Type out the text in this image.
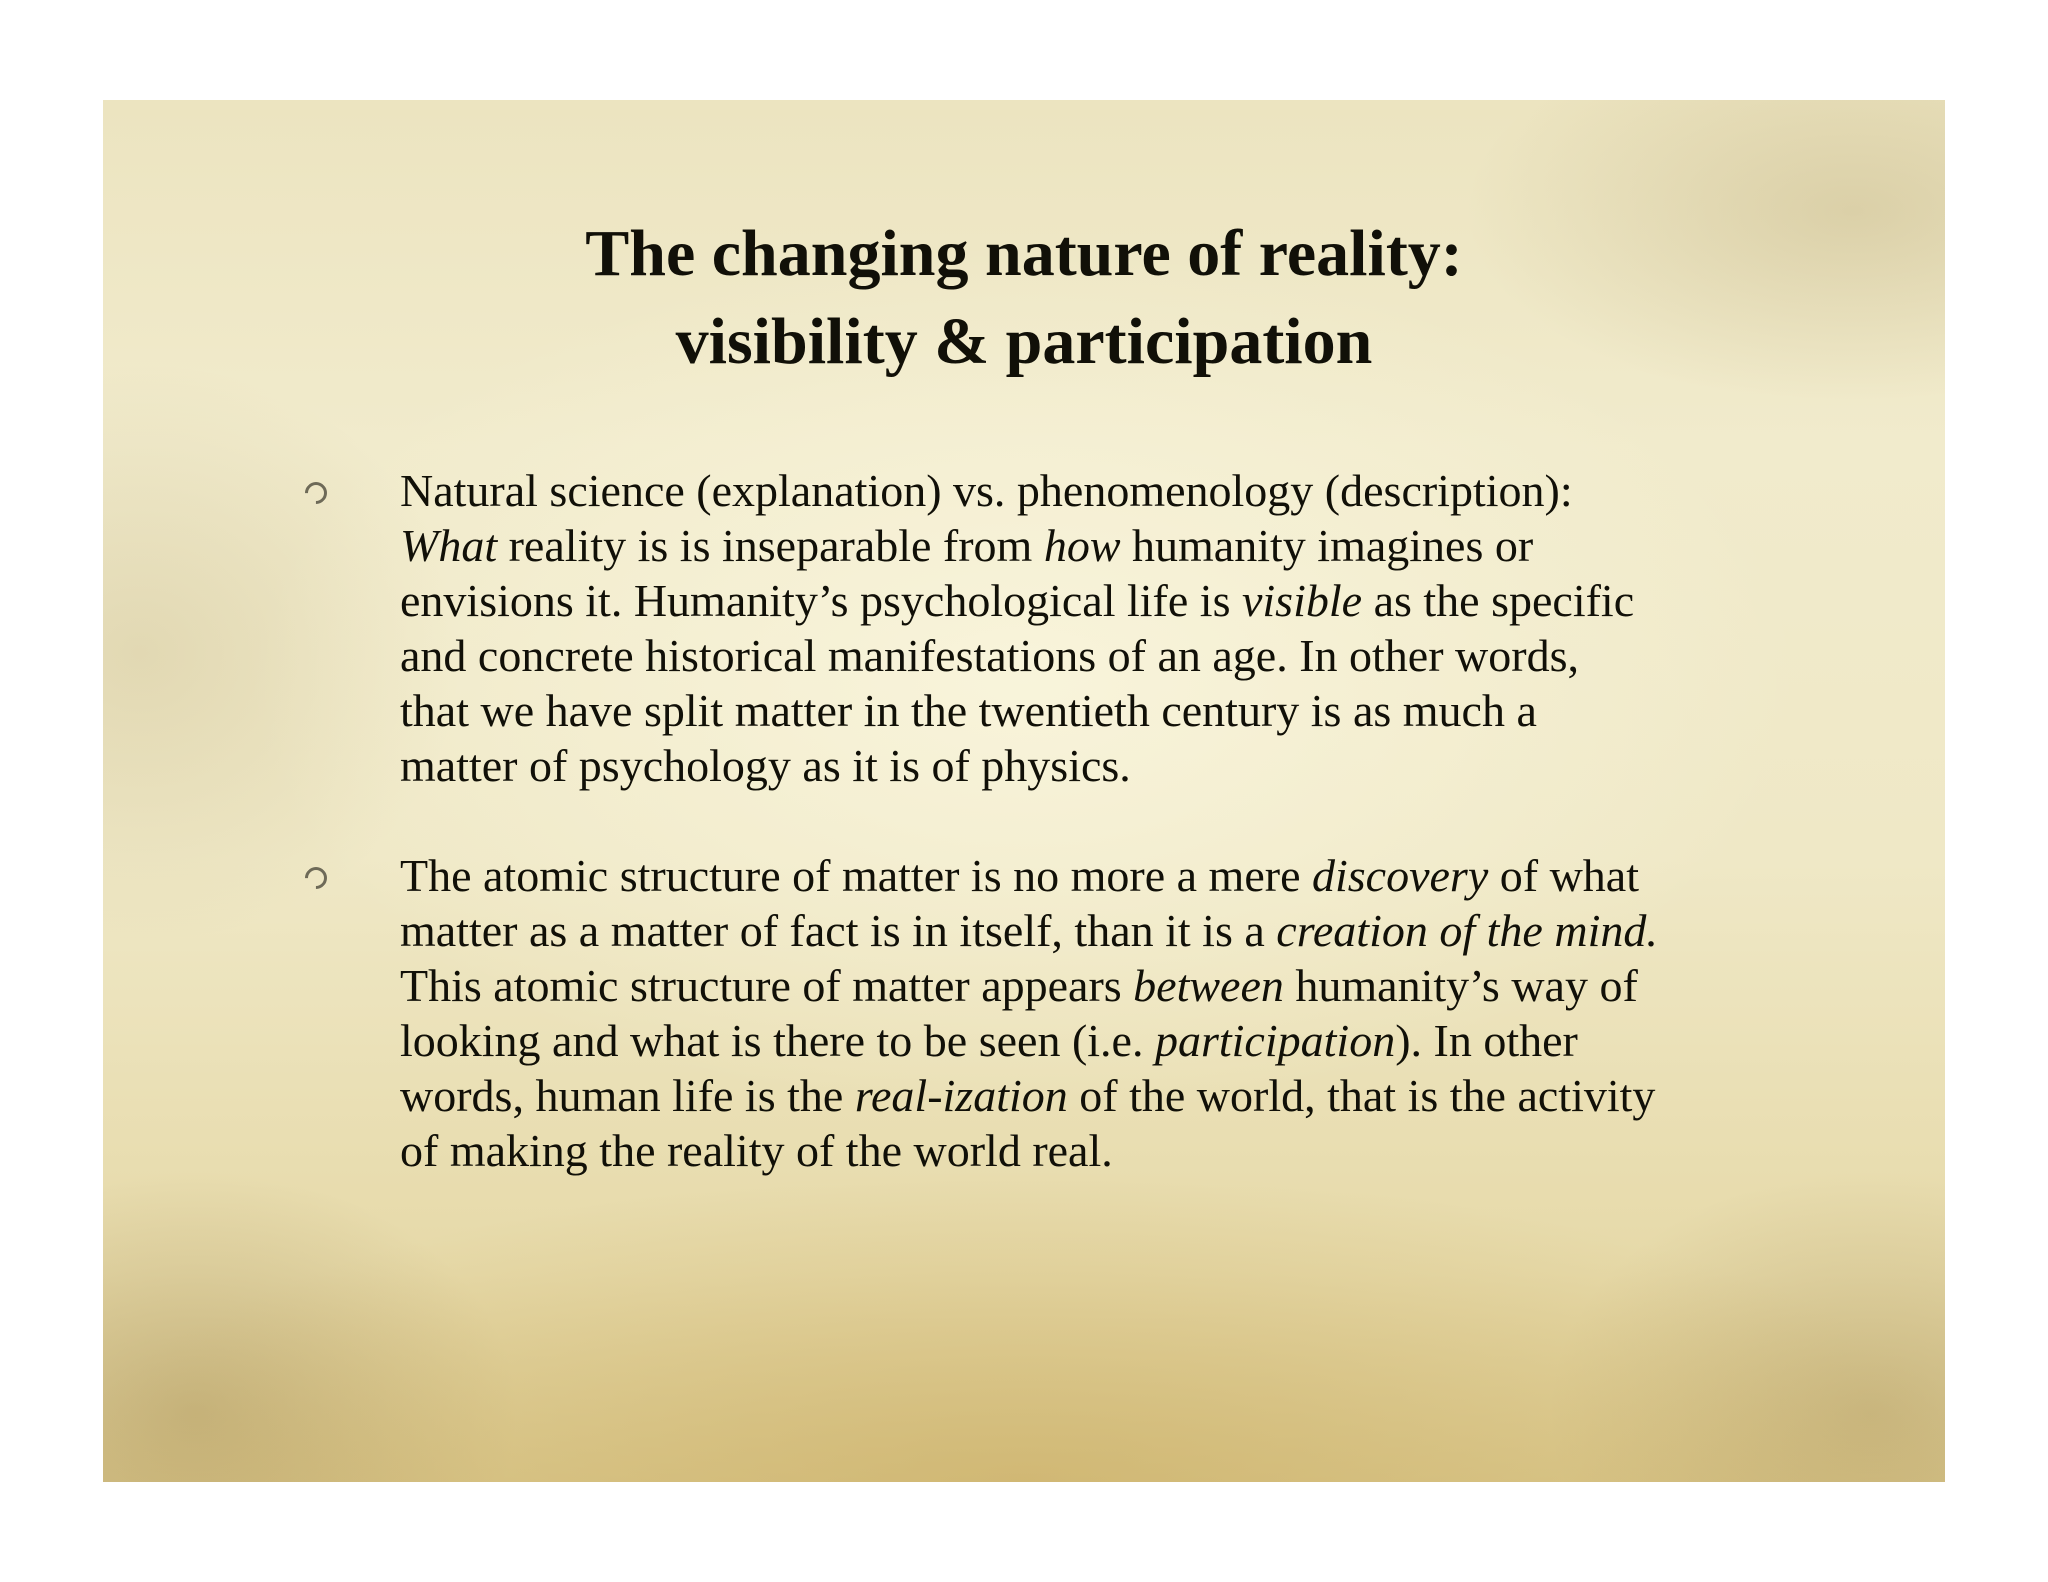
The changing nature of reality:
visibility & participation
Natural science (explanation) vs. phenomenology (description):
What reality is is inseparable from how humanity imagines or
envisions it. Humanity’s psychological life is visible as the specific
and concrete historical manifestations of an age. In other words,
that we have split matter in the twentieth century is as much a
matter of psychology as it is of physics.
The atomic structure of matter is no more a mere discovery of what
matter as a matter of fact is in itself, than it is a creation of the mind.
This atomic structure of matter appears between humanity’s way of
looking and what is there to be seen (i.e. participation). In other
words, human life is the real-ization of the world, that is the activity
of making the reality of the world real.
